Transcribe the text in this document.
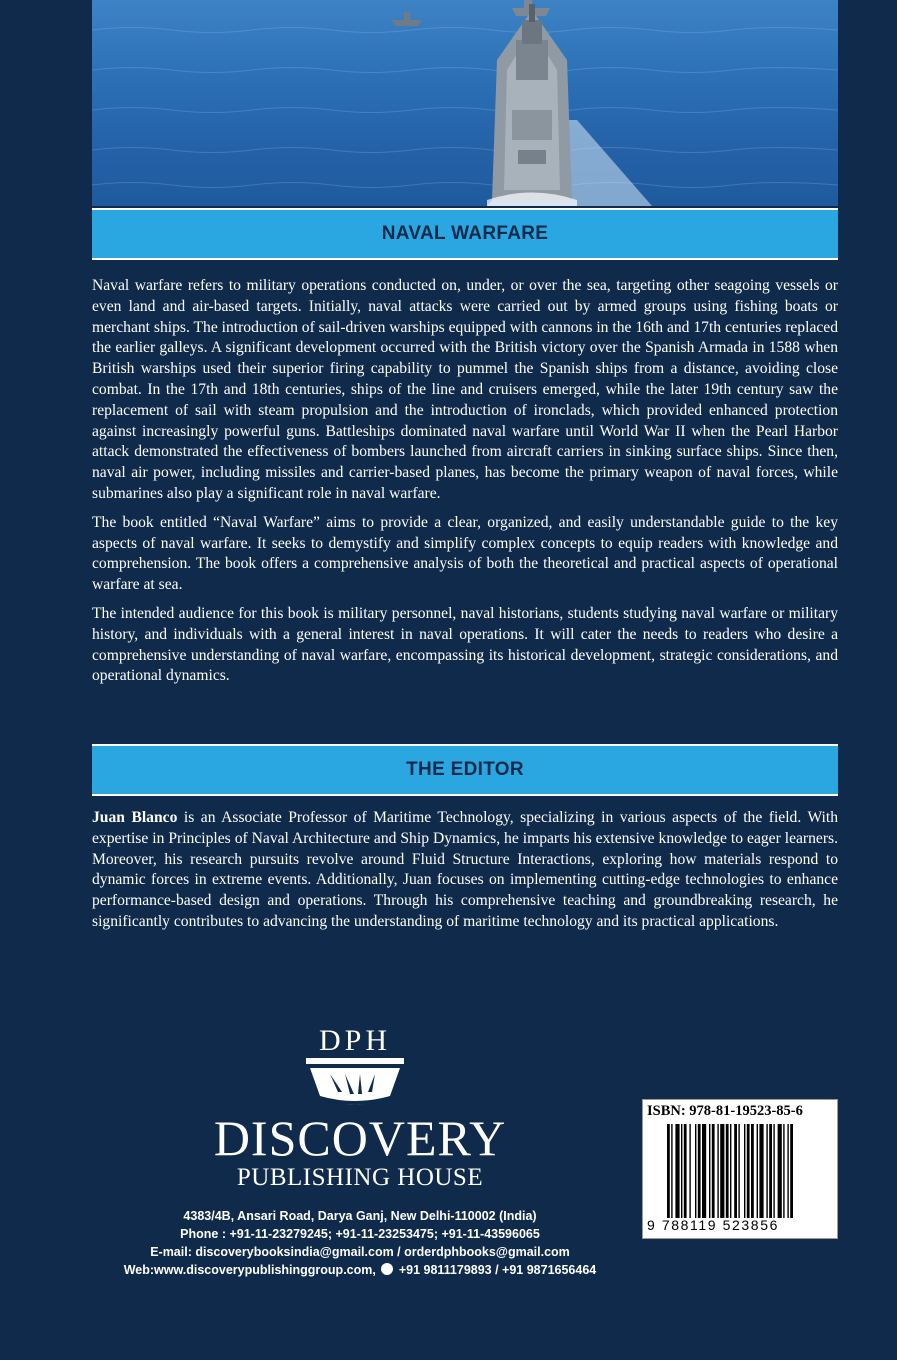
NAVAL WARFARE

Naval warfare refers to military operations conducted on, under, or over the sea, targeting other seagoing vessels or even land and air-based targets. Initially, naval attacks were carried out by armed groups using fishing boats or merchant ships. The introduction of sail-driven warships equipped with cannons in the 16th and 17th centuries replaced the earlier galleys. A significant development occurred with the British victory over the Spanish Armada in 1588 when British warships used their superior firing capability to pummel the Spanish ships from a distance, avoiding close combat. In the 17th and 18th centuries, ships of the line and cruisers emerged, while the later 19th century saw the replacement of sail with steam propulsion and the introduction of ironclads, which provided enhanced protection against increasingly powerful guns. Battleships dominated naval warfare until World War II when the Pearl Harbor attack demonstrated the effectiveness of bombers launched from aircraft carriers in sinking surface ships. Since then, naval air power, including missiles and carrier-based planes, has become the primary weapon of naval forces, while submarines also play a significant role in naval warfare.

The book entitled “Naval Warfare” aims to provide a clear, organized, and easily understandable guide to the key aspects of naval warfare. It seeks to demystify and simplify complex concepts to equip readers with knowledge and comprehension. The book offers a comprehensive analysis of both the theoretical and practical aspects of operational warfare at sea.

The intended audience for this book is military personnel, naval historians, students studying naval warfare or military history, and individuals with a general interest in naval operations. It will cater the needs to readers who desire a comprehensive understanding of naval warfare, encompassing its historical development, strategic considerations, and operational dynamics.

THE EDITOR

Juan Blanco is an Associate Professor of Maritime Technology, specializing in various aspects of the field. With expertise in Principles of Naval Architecture and Ship Dynamics, he imparts his extensive knowledge to eager learners. Moreover, his research pursuits revolve around Fluid Structure Interactions, exploring how materials respond to dynamic forces in extreme events. Additionally, Juan focuses on implementing cutting-edge technologies to enhance performance-based design and operations. Through his comprehensive teaching and groundbreaking research, he significantly contributes to advancing the understanding of maritime technology and its practical applications.

DPH
DISCOVERY
PUBLISHING HOUSE
4383/4B, Ansari Road, Darya Ganj, New Delhi-110002 (India)
Phone : +91-11-23279245; +91-11-23253475; +91-11-43596065
E-mail: discoverybooksindia@gmail.com / orderdphbooks@gmail.com
Web:www.discoverypublishinggroup.com, +91 9811179893 / +91 9871656464
ISBN: 978-81-19523-85-6
9 788119 523856
